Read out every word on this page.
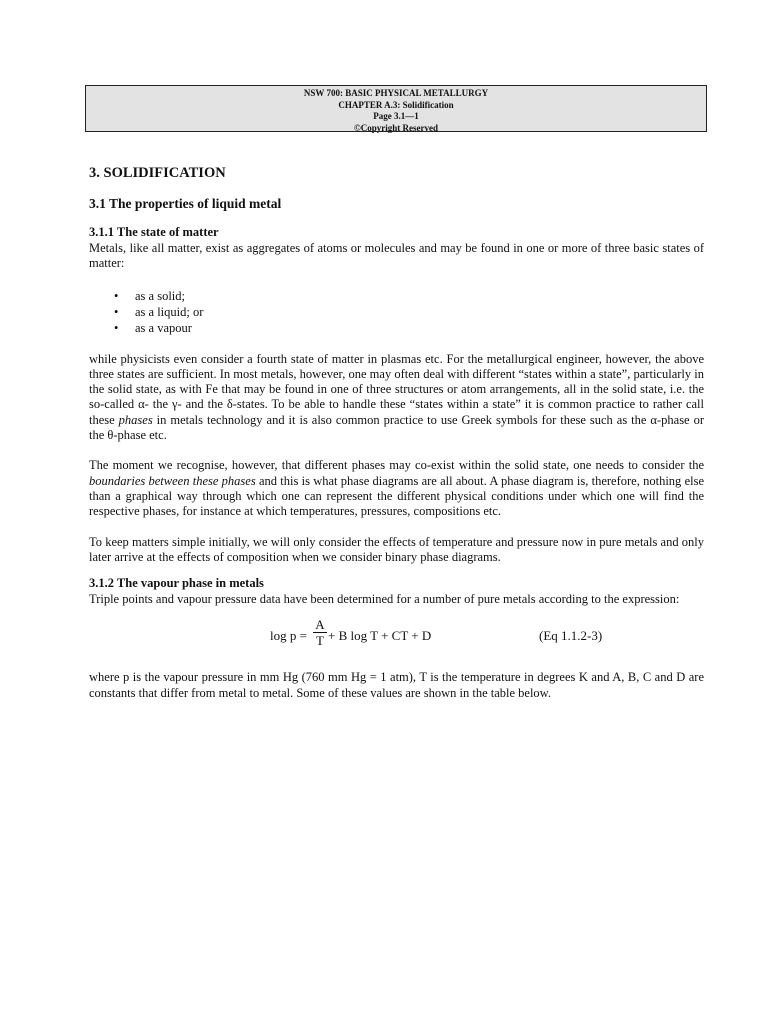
NSW 700: BASIC PHYSICAL METALLURGY
CHAPTER A.3: Solidification
Page 3.1—1
©Copyright Reserved
3. SOLIDIFICATION
3.1 The properties of liquid metal
3.1.1 The state of matter

Metals, like all matter, exist as aggregates of atoms or molecules and may be found in one or more of three basic states of matter:

• as a solid;
• as a liquid; or
• as a vapour

while physicists even consider a fourth state of matter in plasmas etc. For the metallurgical engineer, however, the above three states are sufficient. In most metals, however, one may often deal with different “states within a state”, particularly in the solid state, as with Fe that may be found in one of three structures or atom arrangements, all in the solid state, i.e. the so-called α- the γ- and the δ-states. To be able to handle these “states within a state” it is common practice to rather call these phases in metals technology and it is also common practice to use Greek symbols for these such as the α-phase or the θ-phase etc.

The moment we recognise, however, that different phases may co-exist within the solid state, one needs to consider the boundaries between these phases and this is what phase diagrams are all about. A phase diagram is, therefore, nothing else than a graphical way through which one can represent the different physical conditions under which one will find the respective phases, for instance at which temperatures, pressures, compositions etc.

To keep matters simple initially, we will only consider the effects of temperature and pressure now in pure metals and only later arrive at the effects of composition when we consider binary phase diagrams.

3.1.2 The vapour phase in metals

Triple points and vapour pressure data have been determined for a number of pure metals according to the expression:

$\log p = \frac{A}{T} + B$ log T + CT + D	(Eq 1.1.2-3)

where p is the vapour pressure in mm Hg (760 mm Hg = 1 atm), T is the temperature in degrees K and A, B, C and D are constants that differ from metal to metal. Some of these values are shown in the table below.
